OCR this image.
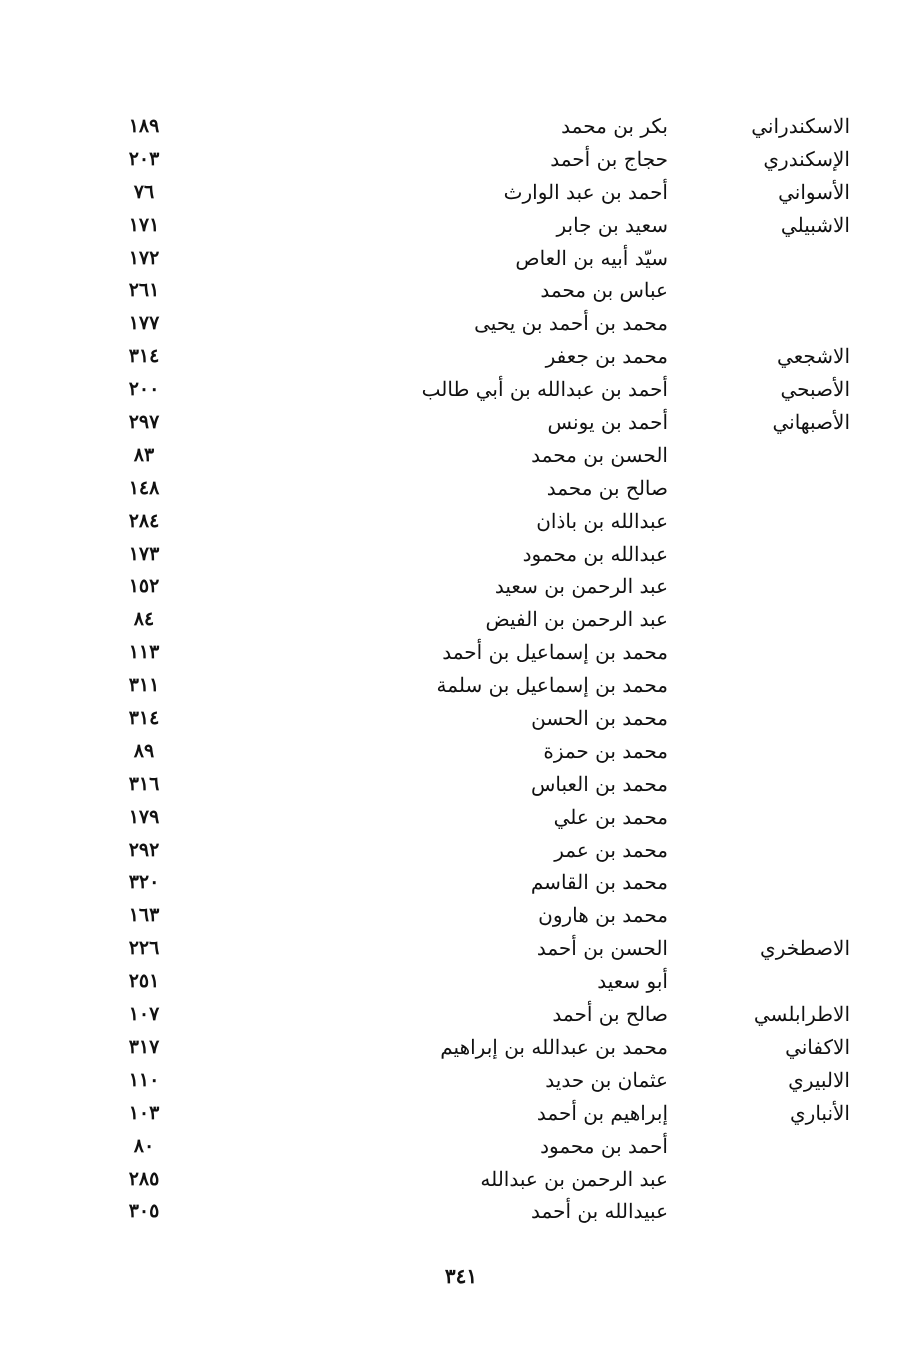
الاسكندراني
بكر بن محمد
١٨٩
الإسكندري
حجاج بن أحمد
٢٠٣
الأسواني
أحمد بن عبد الوارث
٧٦
الاشبيلي
سعيد بن جابر
١٧١
سيّد أبيه بن العاص
١٧٢
عباس بن محمد
٢٦١
محمد بن أحمد بن يحيى
١٧٧
الاشجعي
محمد بن جعفر
٣١٤
الأصبحي
أحمد بن عبدالله بن أبي طالب
٢٠٠
الأصبهاني
أحمد بن يونس
٢٩٧
الحسن بن محمد
٨٣
صالح بن محمد
١٤٨
عبدالله بن باذان
٢٨٤
عبدالله بن محمود
١٧٣
عبد الرحمن بن سعيد
١٥٢
عبد الرحمن بن الفيض
٨٤
محمد بن إسماعيل بن أحمد
١١٣
محمد بن إسماعيل بن سلمة
٣١١
محمد بن الحسن
٣١٤
محمد بن حمزة
٨٩
محمد بن العباس
٣١٦
محمد بن علي
١٧٩
محمد بن عمر
٢٩٢
محمد بن القاسم
٣٢٠
محمد بن هارون
١٦٣
الاصطخري
الحسن بن أحمد
٢٢٦
أبو سعيد
٢٥١
الاطرابلسي
صالح بن أحمد
١٠٧
الاكفاني
محمد بن عبدالله بن إبراهيم
٣١٧
الالبيري
عثمان بن حديد
١١٠
الأنباري
إبراهيم بن أحمد
١٠٣
أحمد بن محمود
٨٠
عبد الرحمن بن عبدالله
٢٨٥
عبيدالله بن أحمد
٣٠٥
٣٤١
